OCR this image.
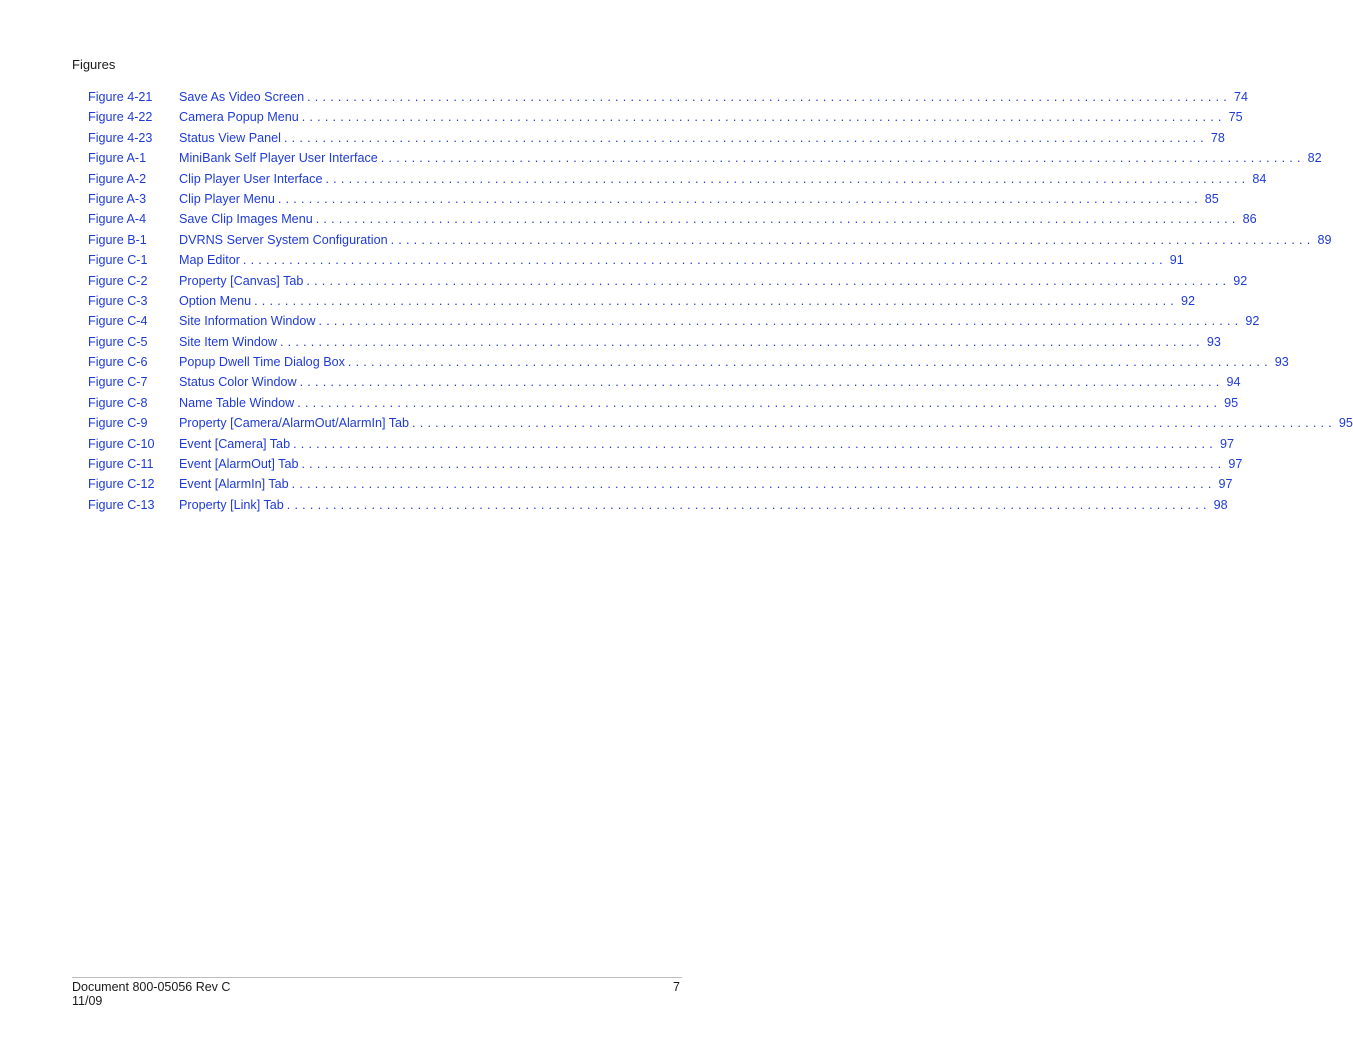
Figures
Figure 4-21	Save As Video Screen ........................................................................................................................ 74
Figure 4-22	Camera Popup Menu ........................................................................................................................ 75
Figure 4-23	Status View Panel ........................................................................................................................ 78
Figure A-1	MiniBank Self Player User Interface ........................................................................................................................ 82
Figure A-2	Clip Player User Interface ........................................................................................................................ 84
Figure A-3	Clip Player Menu ........................................................................................................................ 85
Figure A-4	Save Clip Images Menu ........................................................................................................................ 86
Figure B-1	DVRNS Server System Configuration ........................................................................................................................ 89
Figure C-1	Map Editor ........................................................................................................................ 91
Figure C-2	Property [Canvas] Tab ........................................................................................................................ 92
Figure C-3	Option Menu ........................................................................................................................ 92
Figure C-4	Site Information Window ........................................................................................................................ 92
Figure C-5	Site Item Window ........................................................................................................................ 93
Figure C-6	Popup Dwell Time Dialog Box ........................................................................................................................ 93
Figure C-7	Status Color Window ........................................................................................................................ 94
Figure C-8	Name Table Window ........................................................................................................................ 95
Figure C-9	Property [Camera/AlarmOut/AlarmIn] Tab ........................................................................................................................ 95
Figure C-10	Event [Camera] Tab ........................................................................................................................ 97
Figure C-11	Event [AlarmOut] Tab ........................................................................................................................ 97
Figure C-12	Event [AlarmIn] Tab ........................................................................................................................ 97
Figure C-13	Property [Link] Tab ........................................................................................................................ 98
Document 800-05056 Rev C
11/09
7
